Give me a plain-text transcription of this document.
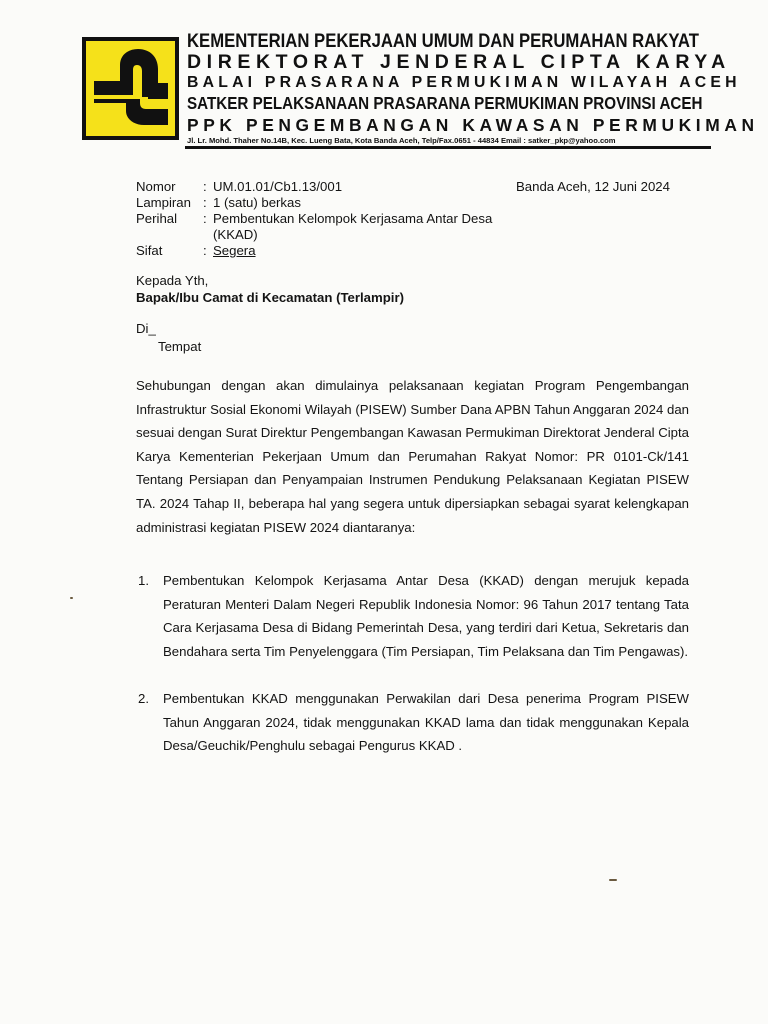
KEMENTERIAN PEKERJAAN UMUM DAN PERUMAHAN RAKYAT
DIREKTORAT JENDERAL CIPTA KARYA
BALAI PRASARANA PERMUKIMAN WILAYAH ACEH
SATKER PELAKSANAAN PRASARANA PERMUKIMAN PROVINSI ACEH
PPK PENGEMBANGAN KAWASAN PERMUKIMAN
Jl. Lr. Mohd. Thaher No.14B, Kec. Lueng Bata, Kota Banda Aceh, Telp/Fax.0651 - 44834 Email : satker_pkp@yahoo.com
Nomor : UM.01.01/Cb1.13/001
Lampiran : 1 (satu) berkas
Perihal : Pembentukan Kelompok Kerjasama Antar Desa
(KKAD)
Sifat	: Segera
Banda Aceh, 12 Juni 2024
Kepada Yth,
Bapak/Ibu Camat di Kecamatan (Terlampir)
Di_
Tempat
Sehubungan dengan akan dimulainya pelaksanaan kegiatan Program Pengembangan Infrastruktur Sosial Ekonomi Wilayah (PISEW) Sumber Dana APBN Tahun Anggaran 2024 dan sesuai dengan Surat Direktur Pengembangan Kawasan Permukiman Direktorat Jenderal Cipta Karya Kementerian Pekerjaan Umum dan Perumahan Rakyat Nomor: PR 0101-Ck/141 Tentang Persiapan dan Penyampaian Instrumen Pendukung Pelaksanaan Kegiatan PISEW TA. 2024 Tahap II, beberapa hal yang segera untuk dipersiapkan sebagai syarat kelengkapan administrasi kegiatan PISEW 2024 diantaranya:
1. Pembentukan Kelompok Kerjasama Antar Desa (KKAD) dengan merujuk kepada Peraturan Menteri Dalam Negeri Republik Indonesia Nomor: 96 Tahun 2017 tentang Tata Cara Kerjasama Desa di Bidang Pemerintah Desa, yang terdiri dari Ketua, Sekretaris dan Bendahara serta Tim Penyelenggara (Tim Persiapan, Tim Pelaksana dan Tim Pengawas).
2. Pembentukan KKAD menggunakan Perwakilan dari Desa penerima Program PISEW Tahun Anggaran 2024, tidak menggunakan KKAD lama dan tidak menggunakan Kepala Desa/Geuchik/Penghulu sebagai Pengurus KKAD .
